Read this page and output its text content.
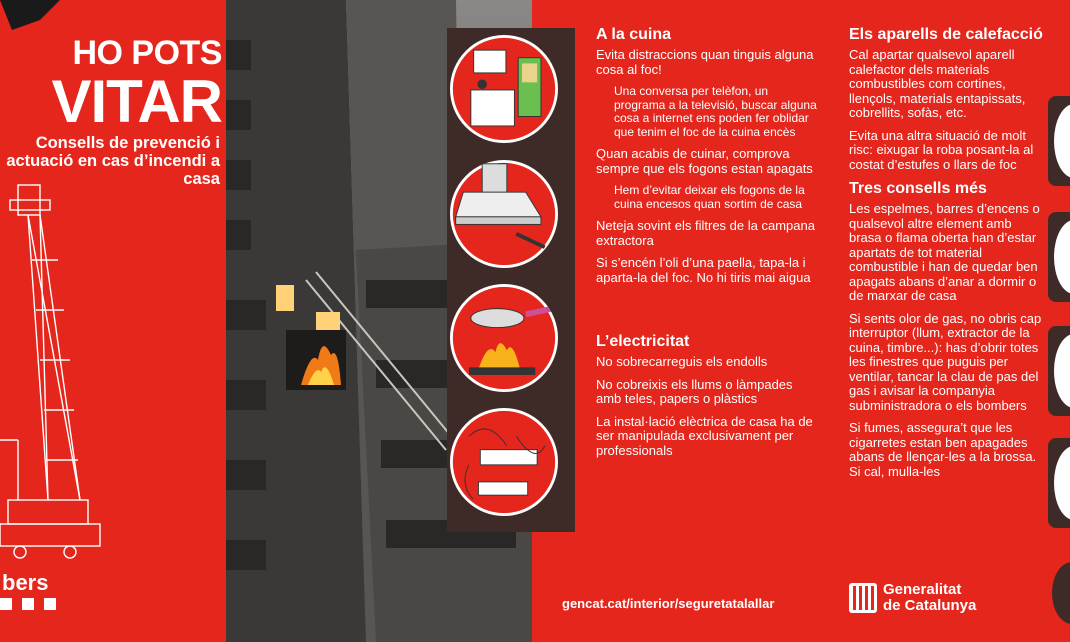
HO POTS
VITAR
Consells de prevenció i actuació en cas d’incendi a casa
bers
A la cuina

Evita distraccions quan tinguis alguna cosa al foc!

Una conversa per telèfon, un programa a la televisió, buscar alguna cosa a internet ens poden fer oblidar que tenim el foc de la cuina encès

Quan acabis de cuinar, comprova sempre que els fogons estan apagats

Hem d’evitar deixar els fogons de la cuina encesos quan sortim de casa

Neteja sovint els filtres de la campana extractora

Si s’encén l’oli d’una paella, tapa-la i aparta-la del foc. No hi tiris mai aigua

L’electricitat

No sobrecarreguis els endolls

No cobreixis els llums o làmpades amb teles, papers o plàstics

La instal·lació elèctrica de casa ha de ser manipulada exclusivament per professionals

Els aparells de calefacció

Cal apartar qualsevol aparell calefactor dels materials combustibles com cortines, llençols, materials entapissats, cobrellits, sofàs, etc.

Evita una altra situació de molt risc: eixugar la roba posant-la al costat d’estufes o llars de foc

Tres consells més

Les espelmes, barres d’encens o qualsevol altre element amb brasa o flama oberta han d’estar apartats de tot material combustible i han de quedar ben apagats abans d’anar a dormir o de marxar de casa

Si sents olor de gas, no obris cap interruptor (llum, extractor de la cuina, timbre...): has d’obrir totes les finestres que puguis per ventilar, tancar la clau de pas del gas i avisar la companyia subministradora o els bombers

Si fumes, assegura’t que les cigarretes estan ben apagades abans de llençar-les a la brossa. Si cal, mulla-les

gencat.cat/interior/seguretatalallar
Generalitat
de Catalunya
